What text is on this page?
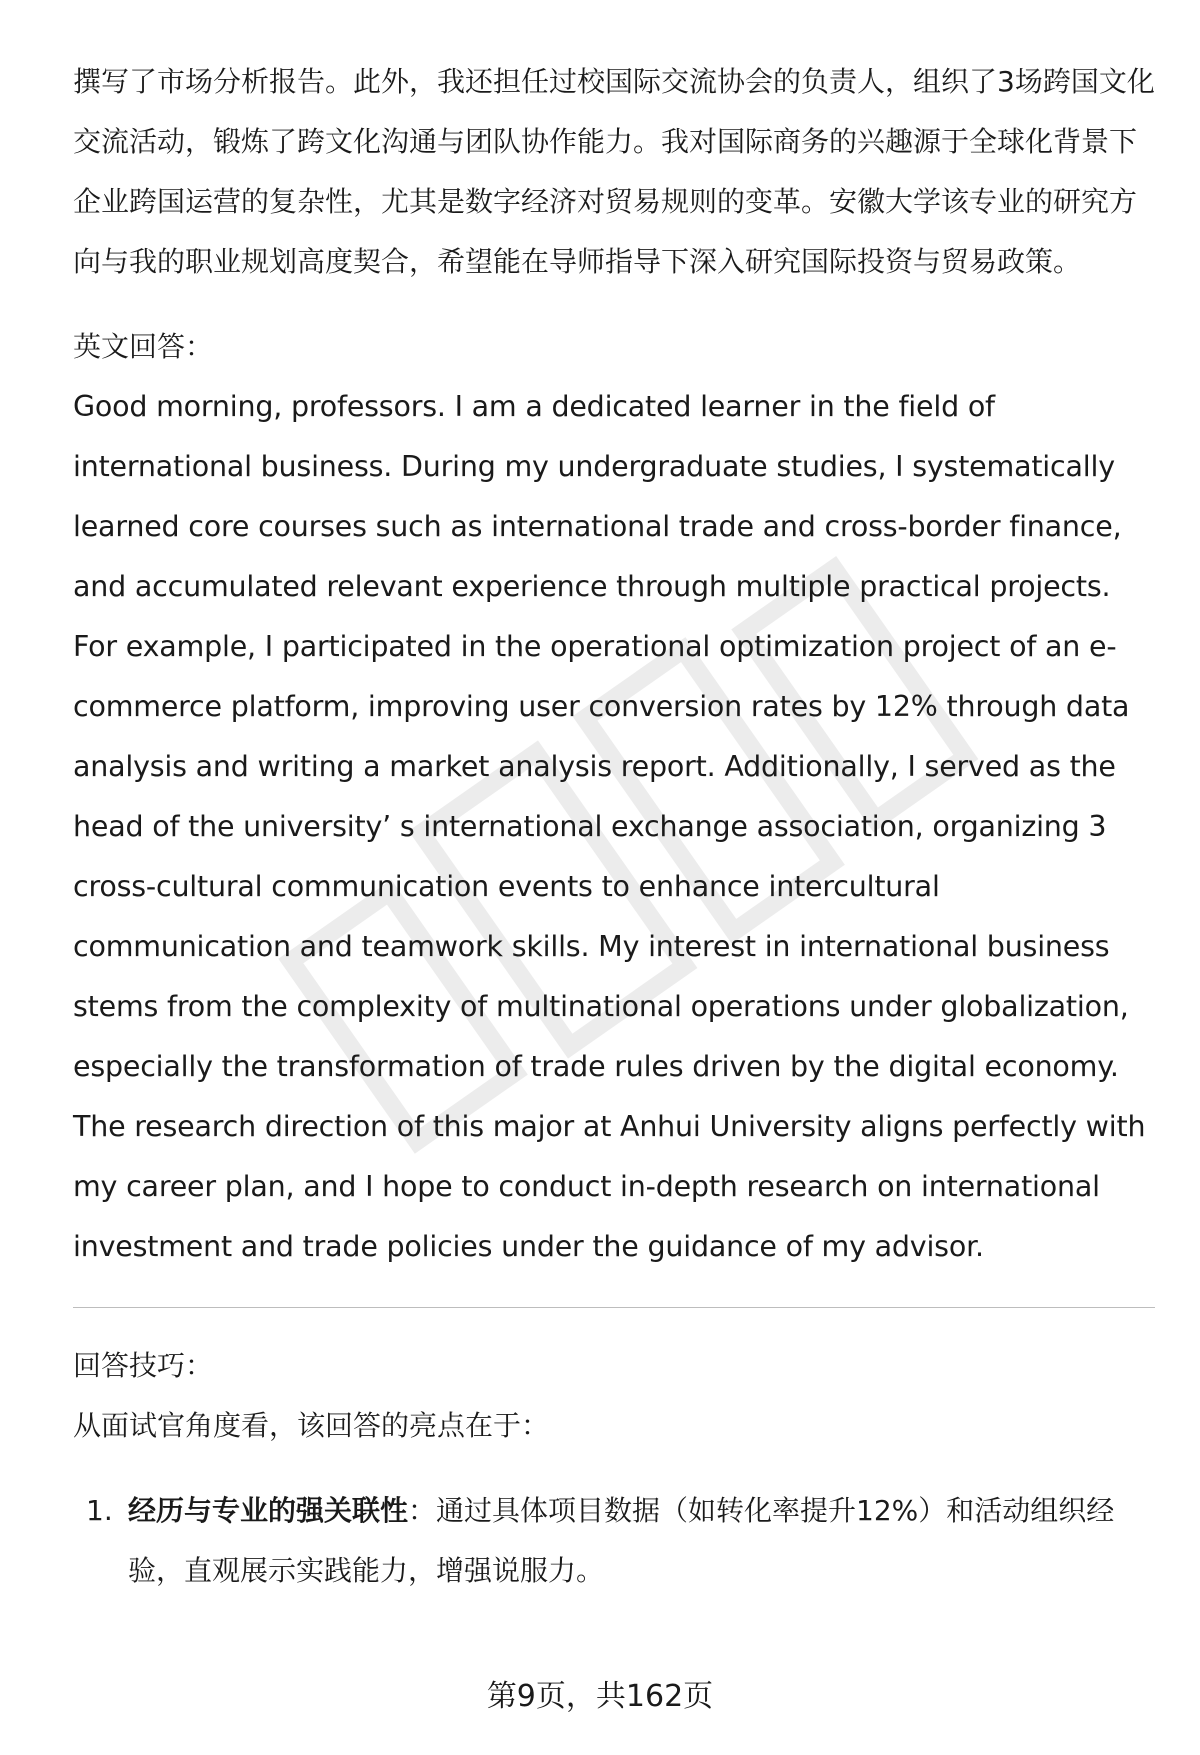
撰写了市场分析报告。此外，我还担任过校国际交流协会的负责人，组织了3场跨国文化交流活动，锻炼了跨文化沟通与团队协作能力。我对国际商务的兴趣源于全球化背景下企业跨国运营的复杂性，尤其是数字经济对贸易规则的变革。安徽大学该专业的研究方向与我的职业规划高度契合，希望能在导师指导下深入研究国际投资与贸易政策。

英文回答：

Good morning, professors. I am a dedicated learner in the field of international business. During my undergraduate studies, I systematically learned core courses such as international trade and cross-border finance, and accumulated relevant experience through multiple practical projects. For example, I participated in the operational optimization project of an e-commerce platform, improving user conversion rates by 12% through data analysis and writing a market analysis report. Additionally, I served as the head of the university’ s international exchange association, organizing 3 cross-cultural communication events to enhance intercultural communication and teamwork skills. My interest in international business stems from the complexity of multinational operations under globalization, especially the transformation of trade rules driven by the digital economy. The research direction of this major at Anhui University aligns perfectly with my career plan, and I hope to conduct in-depth research on international investment and trade policies under the guidance of my advisor.

回答技巧：

从面试官角度看，该回答的亮点在于：

1. 经历与专业的强关联性：通过具体项目数据（如转化率提升12%）和活动组织经验，直观展示实践能力，增强说服力。
第9页，共162页
